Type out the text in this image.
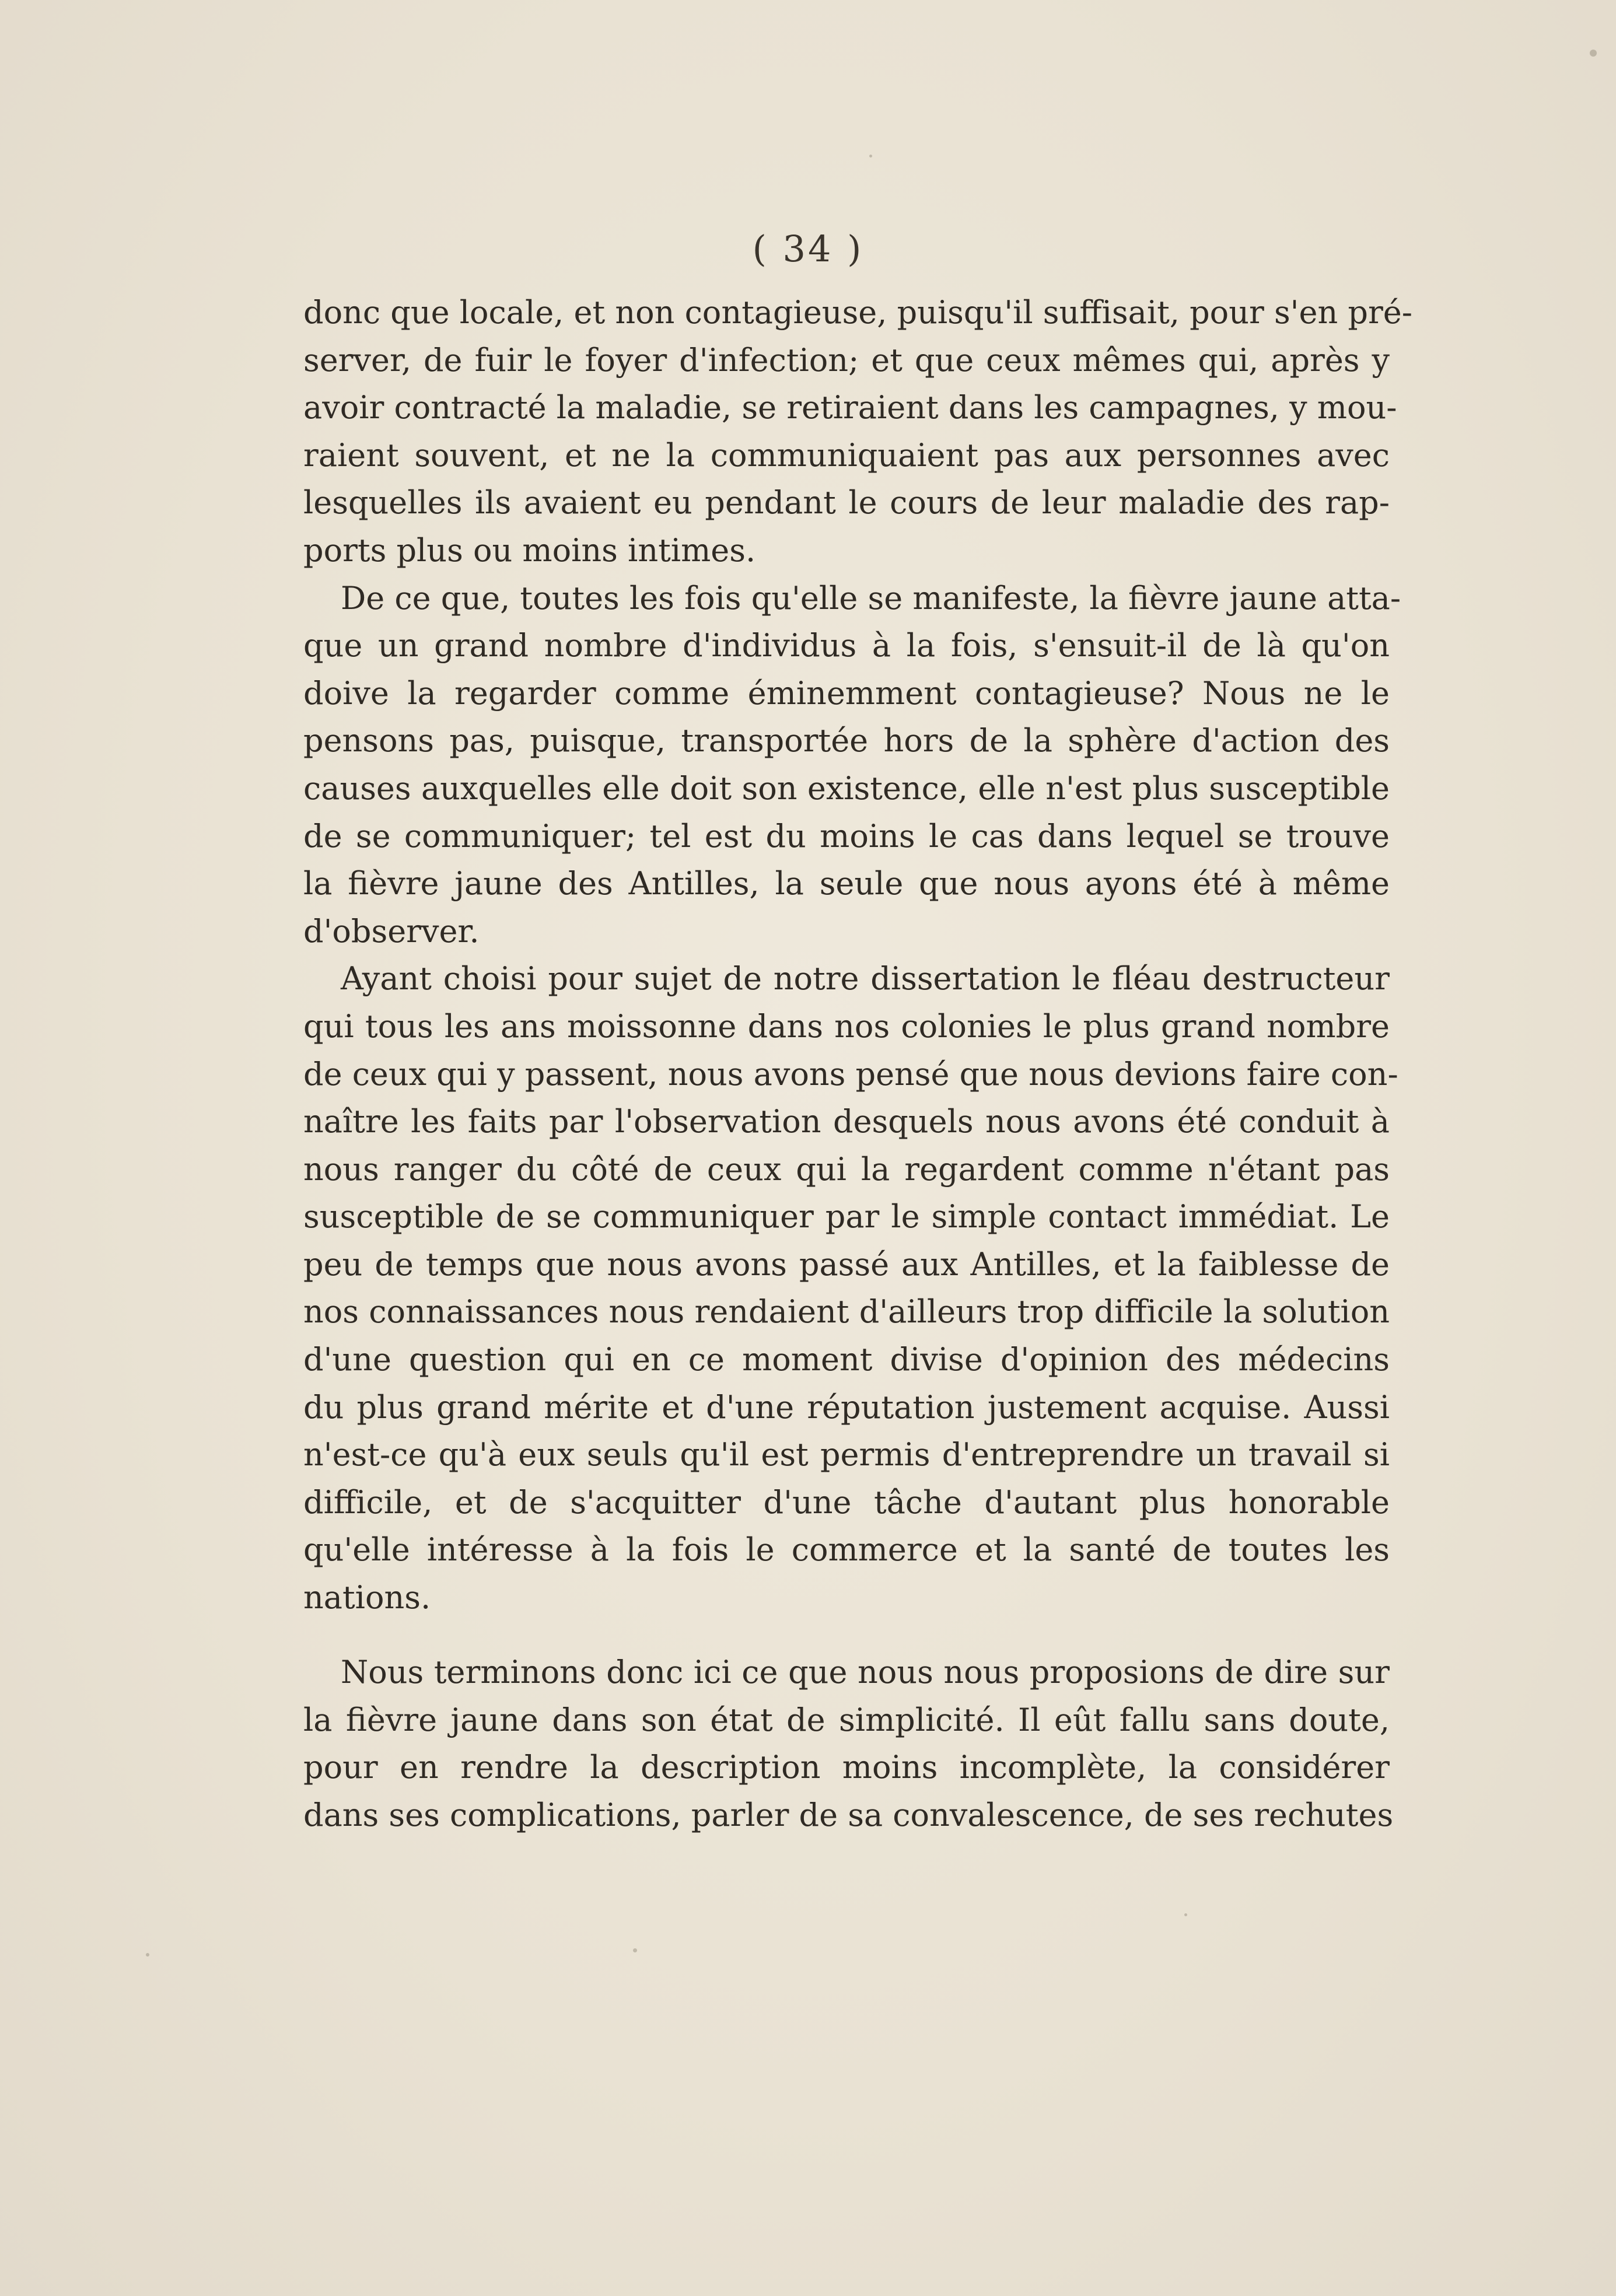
( 34 )

donc que locale, et non contagieuse, puisqu'il suffisait, pour s'en pré-
server, de fuir le foyer d'infection; et que ceux mêmes qui, après y
avoir contracté la maladie, se retiraient dans les campagnes, y mou-
raient souvent, et ne la communiquaient pas aux personnes avec
lesquelles ils avaient eu pendant le cours de leur maladie des rap-
ports plus ou moins intimes.

De ce que, toutes les fois qu'elle se manifeste, la fièvre jaune atta-
que un grand nombre d'individus à la fois, s'ensuit-il de là qu'on
doive la regarder comme éminemment contagieuse? Nous ne le
pensons pas, puisque, transportée hors de la sphère d'action des
causes auxquelles elle doit son existence, elle n'est plus susceptible
de se communiquer; tel est du moins le cas dans lequel se trouve
la fièvre jaune des Antilles, la seule que nous ayons été à même
d'observer.

Ayant choisi pour sujet de notre dissertation le fléau destructeur
qui tous les ans moissonne dans nos colonies le plus grand nombre
de ceux qui y passent, nous avons pensé que nous devions faire con-
naître les faits par l'observation desquels nous avons été conduit à
nous ranger du côté de ceux qui la regardent comme n'étant pas
susceptible de se communiquer par le simple contact immédiat. Le
peu de temps que nous avons passé aux Antilles, et la faiblesse de
nos connaissances nous rendaient d'ailleurs trop difficile la solution
d'une question qui en ce moment divise d'opinion des médecins
du plus grand mérite et d'une réputation justement acquise. Aussi
n'est-ce qu'à eux seuls qu'il est permis d'entreprendre un travail si
difficile, et de s'acquitter d'une tâche d'autant plus honorable
qu'elle intéresse à la fois le commerce et la santé de toutes les
nations.

Nous terminons donc ici ce que nous nous proposions de dire sur
la fièvre jaune dans son état de simplicité. Il eût fallu sans doute,
pour en rendre la description moins incomplète, la considérer
dans ses complications, parler de sa convalescence, de ses rechutes
